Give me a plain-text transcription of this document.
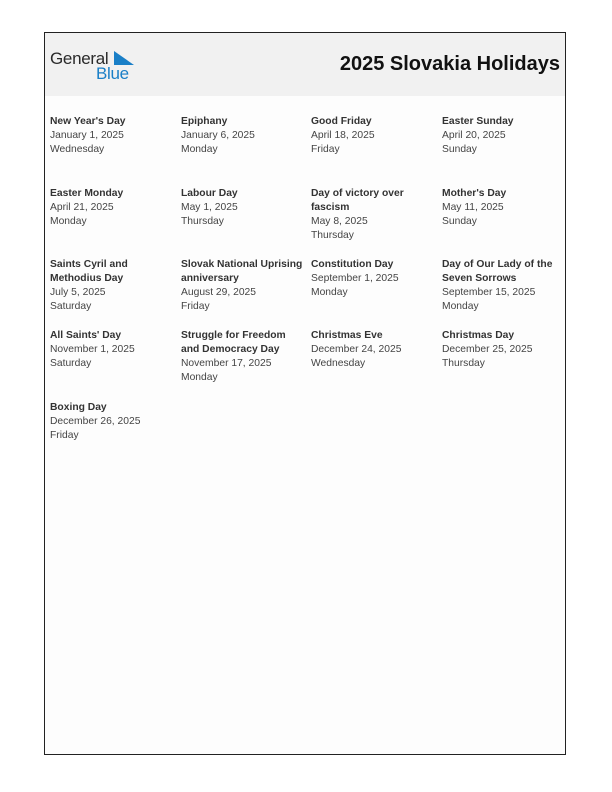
General
Blue	2025 Slovakia Holidays
New Year's Day
January 1, 2025
Wednesday
Epiphany
January 6, 2025
Monday
Good Friday
April 18, 2025
Friday
Easter Sunday
April 20, 2025
Sunday
Easter Monday
April 21, 2025
Monday
Labour Day
May 1, 2025
Thursday
Day of victory over fascism
May 8, 2025
Thursday
Mother's Day
May 11, 2025
Sunday
Saints Cyril and Methodius Day
July 5, 2025
Saturday
Slovak National Uprising anniversary
August 29, 2025
Friday
Constitution Day
September 1, 2025
Monday
Day of Our Lady of the Seven Sorrows
September 15, 2025
Monday
All Saints' Day
November 1, 2025
Saturday
Struggle for Freedom and Democracy Day
November 17, 2025
Monday
Christmas Eve
December 24, 2025
Wednesday
Christmas Day
December 25, 2025
Thursday
Boxing Day
December 26, 2025
Friday
